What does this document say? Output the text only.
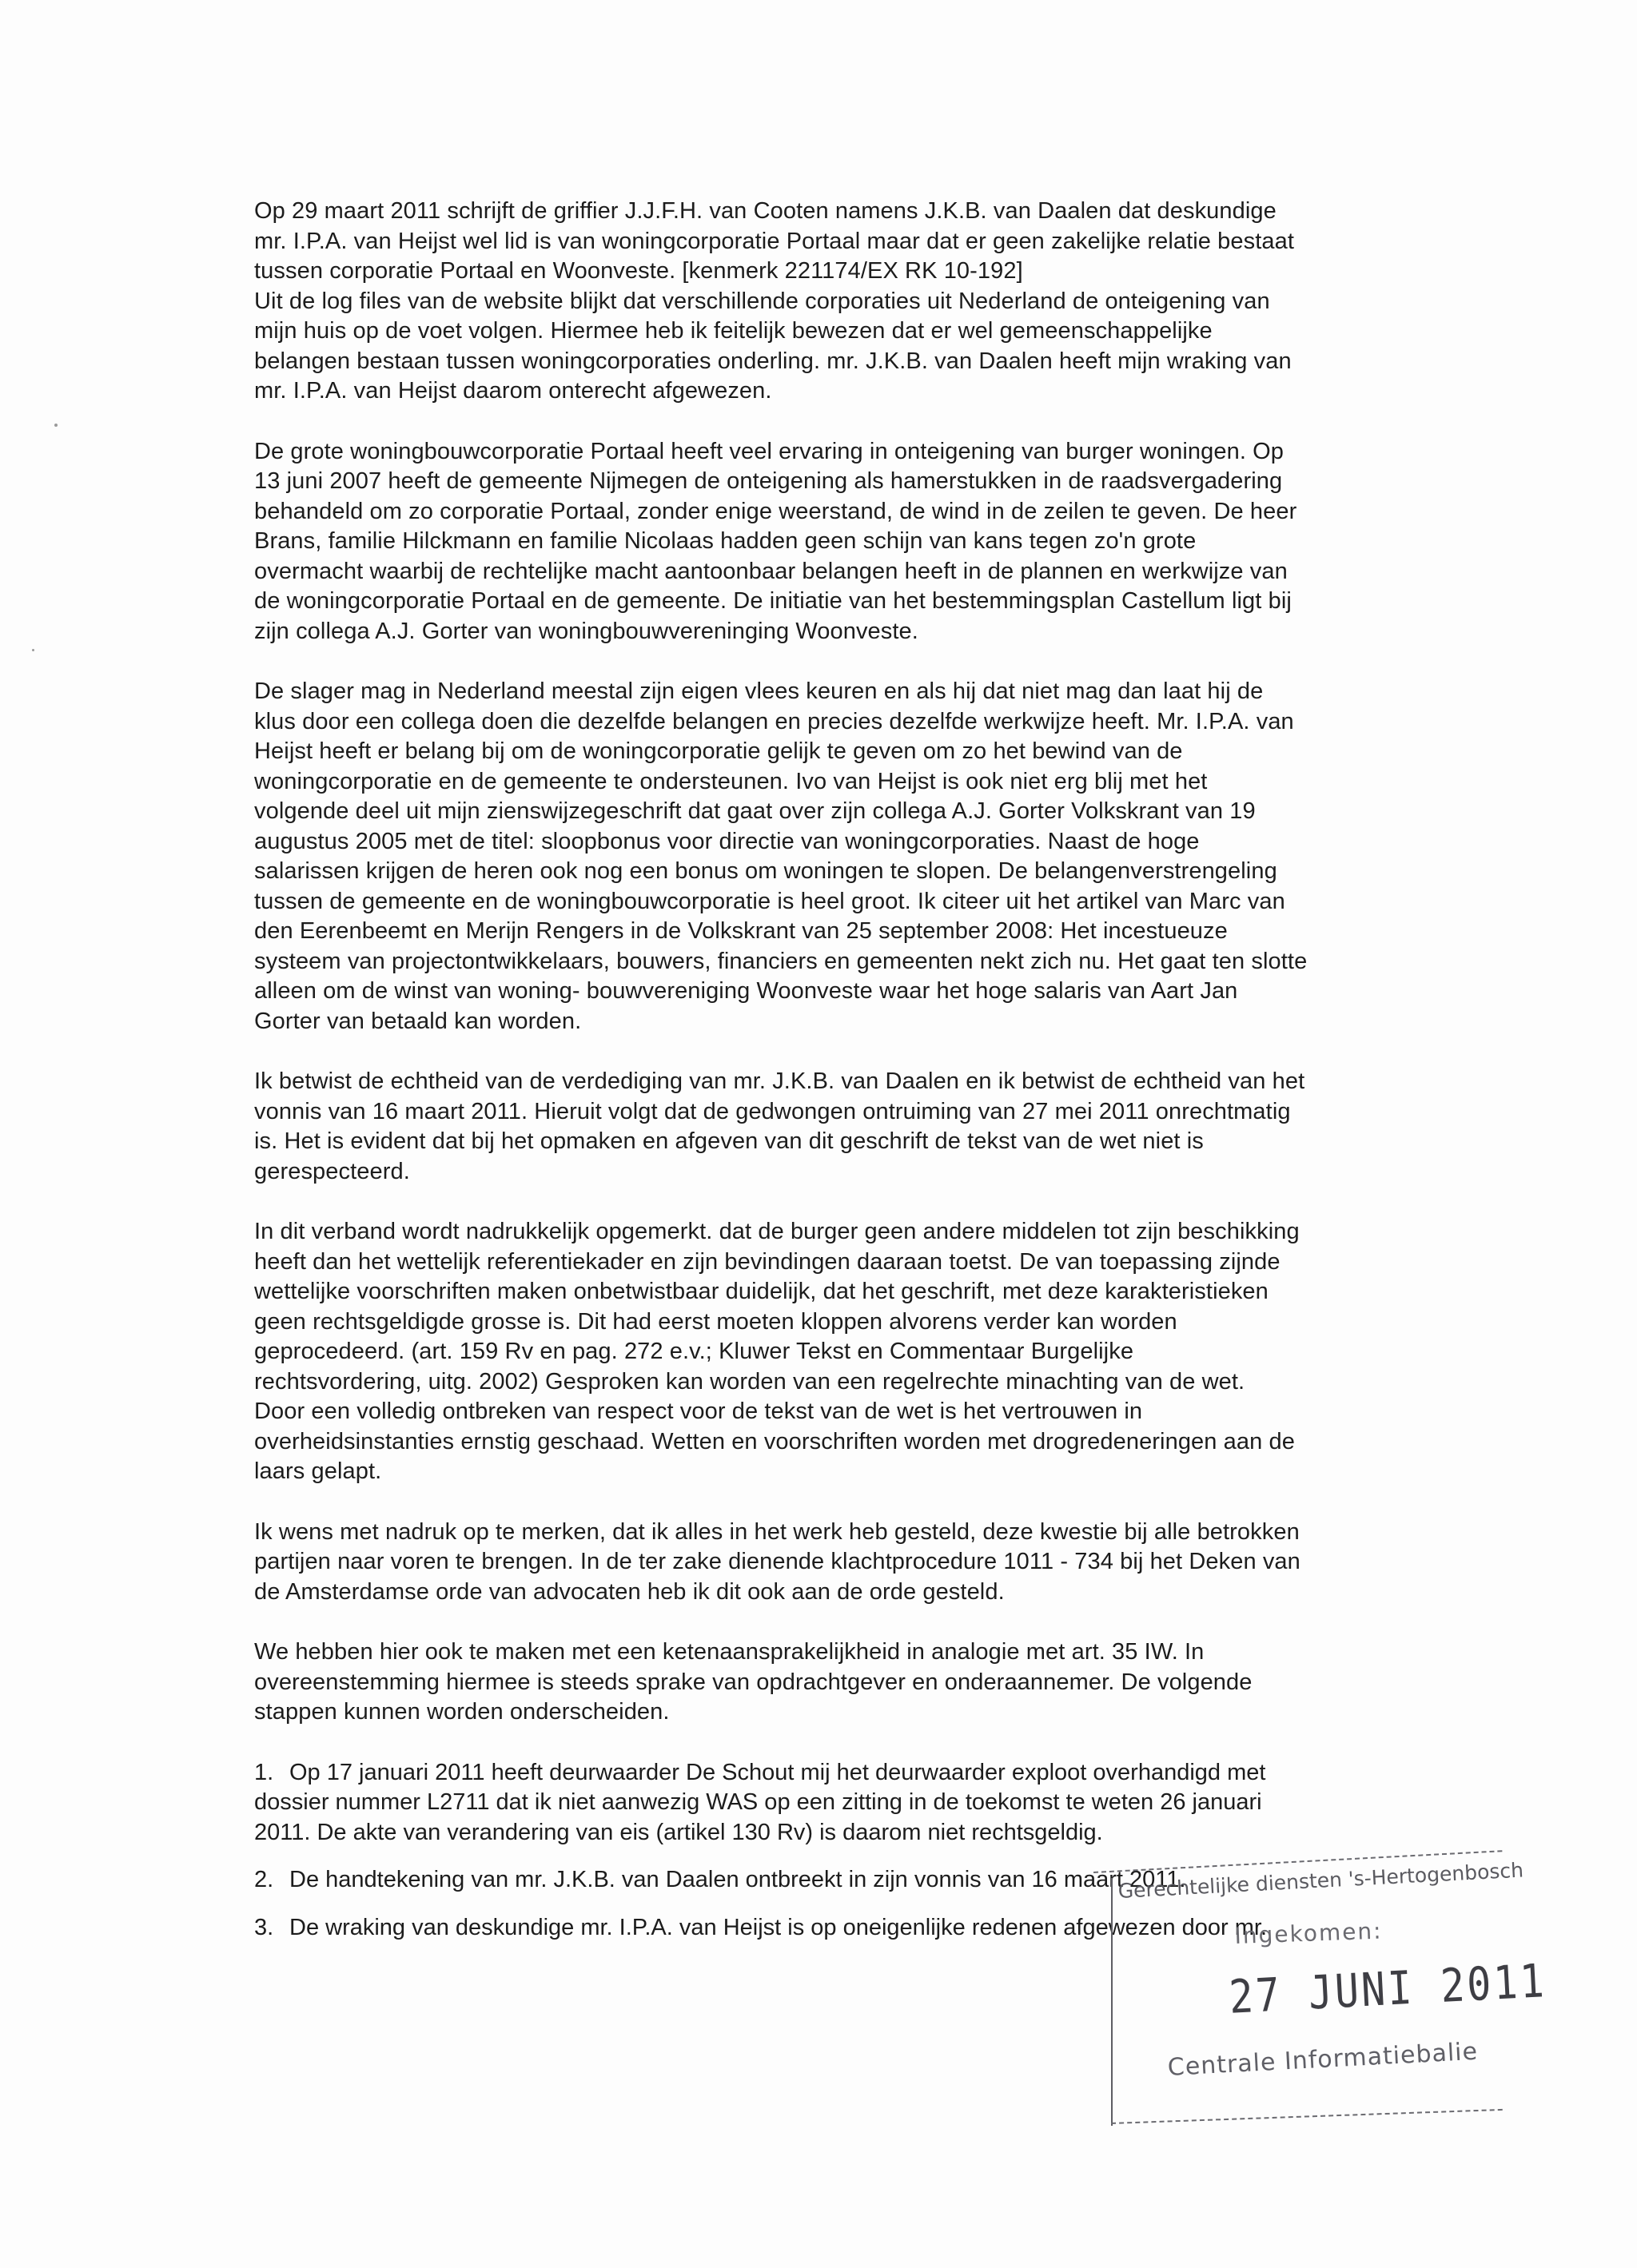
Op 29 maart 2011 schrijft de griffier J.J.F.H. van Cooten namens J.K.B. van Daalen dat deskundige
mr. I.P.A. van Heijst wel lid is van woningcorporatie Portaal maar dat er geen zakelijke relatie bestaat
tussen corporatie Portaal en Woonveste. [kenmerk 221174/EX RK 10-192]
Uit de log files van de website blijkt dat verschillende corporaties uit Nederland de onteigening van
mijn huis op de voet volgen. Hiermee heb ik feitelijk bewezen dat er wel gemeenschappelijke
belangen bestaan tussen woningcorporaties onderling. mr. J.K.B. van Daalen heeft mijn wraking van
mr. I.P.A. van Heijst daarom onterecht afgewezen.

De grote woningbouwcorporatie Portaal heeft veel ervaring in onteigening van burger woningen. Op
13 juni 2007 heeft de gemeente Nijmegen de onteigening als hamerstukken in de raadsvergadering
behandeld om zo corporatie Portaal, zonder enige weerstand, de wind in de zeilen te geven. De heer
Brans, familie Hilckmann en familie Nicolaas hadden geen schijn van kans tegen zo'n grote
overmacht waarbij de rechtelijke macht aantoonbaar belangen heeft in de plannen en werkwijze van
de woningcorporatie Portaal en de gemeente. De initiatie van het bestemmingsplan Castellum ligt bij
zijn collega A.J. Gorter van woningbouwvereninging Woonveste.

De slager mag in Nederland meestal zijn eigen vlees keuren en als hij dat niet mag dan laat hij de
klus door een collega doen die dezelfde belangen en precies dezelfde werkwijze heeft. Mr. I.P.A. van
Heijst heeft er belang bij om de woningcorporatie gelijk te geven om zo het bewind van de
woningcorporatie en de gemeente te ondersteunen. Ivo van Heijst is ook niet erg blij met het
volgende deel uit mijn zienswijzegeschrift dat gaat over zijn collega A.J. Gorter Volkskrant van 19
augustus 2005 met de titel: sloopbonus voor directie van woningcorporaties. Naast de hoge
salarissen krijgen de heren ook nog een bonus om woningen te slopen. De belangenverstrengeling
tussen de gemeente en de woningbouwcorporatie is heel groot. Ik citeer uit het artikel van Marc van
den Eerenbeemt en Merijn Rengers in de Volkskrant van 25 september 2008: Het incestueuze
systeem van projectontwikkelaars, bouwers, financiers en gemeenten nekt zich nu. Het gaat ten slotte
alleen om de winst van woning- bouwvereniging Woonveste waar het hoge salaris van Aart Jan
Gorter van betaald kan worden.

Ik betwist de echtheid van de verdediging van mr. J.K.B. van Daalen en ik betwist de echtheid van het
vonnis van 16 maart 2011. Hieruit volgt dat de gedwongen ontruiming van 27 mei 2011 onrechtmatig
is. Het is evident dat bij het opmaken en afgeven van dit geschrift de tekst van de wet niet is
gerespecteerd.

In dit verband wordt nadrukkelijk opgemerkt. dat de burger geen andere middelen tot zijn beschikking
heeft dan het wettelijk referentiekader en zijn bevindingen daaraan toetst. De van toepassing zijnde
wettelijke voorschriften maken onbetwistbaar duidelijk, dat het geschrift, met deze karakteristieken
geen rechtsgeldigde grosse is. Dit had eerst moeten kloppen alvorens verder kan worden
geprocedeerd. (art. 159 Rv en pag. 272 e.v.; Kluwer Tekst en Commentaar Burgelijke
rechtsvordering, uitg. 2002) Gesproken kan worden van een regelrechte minachting van de wet.
Door een volledig ontbreken van respect voor de tekst van de wet is het vertrouwen in
overheidsinstanties ernstig geschaad. Wetten en voorschriften worden met drogredeneringen aan de
laars gelapt.

Ik wens met nadruk op te merken, dat ik alles in het werk heb gesteld, deze kwestie bij alle betrokken
partijen naar voren te brengen. In de ter zake dienende klachtprocedure 1011 - 734 bij het Deken van
de Amsterdamse orde van advocaten heb ik dit ook aan de orde gesteld.

We hebben hier ook te maken met een ketenaansprakelijkheid in analogie met art. 35 IW. In
overeenstemming hiermee is steeds sprake van opdrachtgever en onderaannemer. De volgende
stappen kunnen worden onderscheiden.

1. Op 17 januari 2011 heeft deurwaarder De Schout mij het deurwaarder exploot overhandigd met
dossier nummer L2711 dat ik niet aanwezig WAS op een zitting in de toekomst te weten 26 januari
2011. De akte van verandering van eis (artikel 130 Rv) is daarom niet rechtsgeldig.
2. De handtekening van mr. J.K.B. van Daalen ontbreekt in zijn vonnis van 16 maart 2011.
3. De wraking van deskundige mr. I.P.A. van Heijst is op oneigenlijke redenen afgewezen door mr.
Gerechtelijke diensten 's-Hertogenbosch
Ingekomen:
27 JUNI 2011
Centrale Informatiebalie
